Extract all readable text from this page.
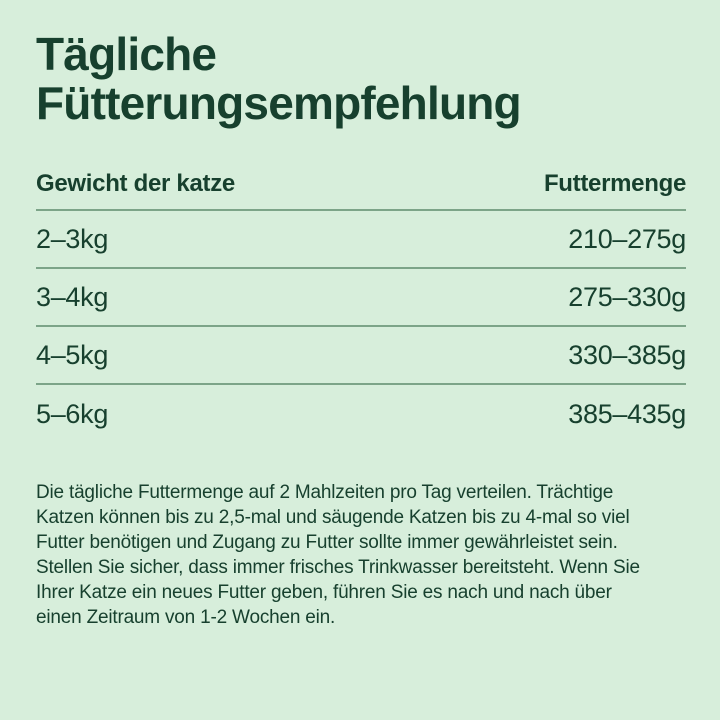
Tägliche Fütterungsempfehlung
Gewicht der katze	Futtermenge
2–3kg	210–275g
3–4kg	275–330g
4–5kg	330–385g
5–6kg	385–435g

Die tägliche Futtermenge auf 2 Mahlzeiten pro Tag verteilen. Trächtige
Katzen können bis zu 2,5-mal und säugende Katzen bis zu 4-mal so viel
Futter benötigen und Zugang zu Futter sollte immer gewährleistet sein.
Stellen Sie sicher, dass immer frisches Trinkwasser bereitsteht. Wenn Sie
Ihrer Katze ein neues Futter geben, führen Sie es nach und nach über
einen Zeitraum von 1-2 Wochen ein.
